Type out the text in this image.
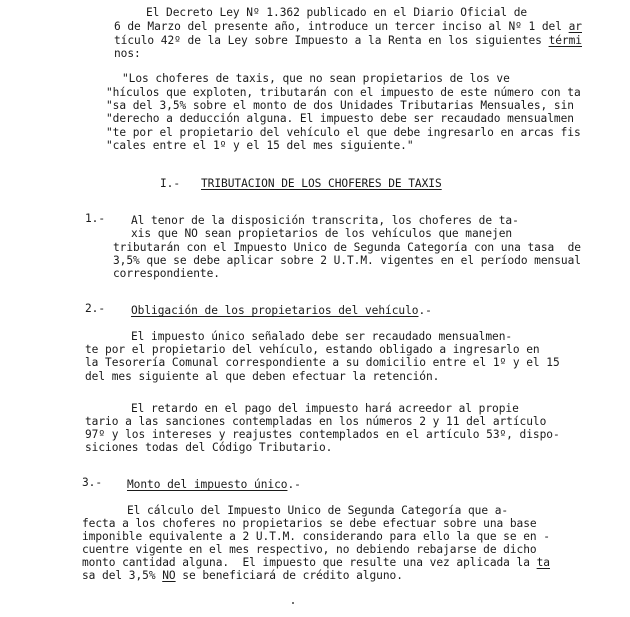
El Decreto Ley Nº 1.362 publicado en el Diario Oficial de
6 de Marzo del presente año, introduce un tercer inciso al Nº 1 del ar
tículo 42º de la Ley sobre Impuesto a la Renta en los siguientes térmi
nos:
"Los choferes de taxis, que no sean propietarios de los ve
"hículos que exploten, tributarán con el impuesto de este número con ta
"sa del 3,5% sobre el monto de dos Unidades Tributarias Mensuales, sin
"derecho a deducción alguna. El impuesto debe ser recaudado mensualmen
"te por el propietario del vehículo el que debe ingresarlo en arcas fis
"cales entre el 1º y el 15 del mes siguiente."
I.- TRIBUTACION DE LOS CHOFERES DE TAXIS
1.- Al tenor de la disposición transcrita, los choferes de ta-
xis que NO sean propietarios de los vehículos que manejen
tributarán con el Impuesto Unico de Segunda Categoría con una tasa  de
3,5% que se debe aplicar sobre 2 U.T.M. vigentes en el período mensual
correspondiente.
2.- Obligación de los propietarios del vehículo.-
El impuesto único señalado debe ser recaudado mensualmen-
te por el propietario del vehículo, estando obligado a ingresarlo en
la Tesorería Comunal correspondiente a su domicilio entre el 1º y el 15
del mes siguiente al que deben efectuar la retención.
El retardo en el pago del impuesto hará acreedor al propie
tario a las sanciones contempladas en los números 2 y 11 del artículo
97º y los intereses y reajustes contemplados en el artículo 53º, dispo-
siciones todas del Código Tributario.
3.- Monto del impuesto único.-
El cálculo del Impuesto Unico de Segunda Categoría que a-
fecta a los choferes no propietarios se debe efectuar sobre una base
imponible equivalente a 2 U.T.M. considerando para ello la que se en -
cuentre vigente en el mes respectivo, no debiendo rebajarse de dicho
monto cantidad alguna.  El impuesto que resulte una vez aplicada la ta
sa del 3,5% NO se beneficiará de crédito alguno.
